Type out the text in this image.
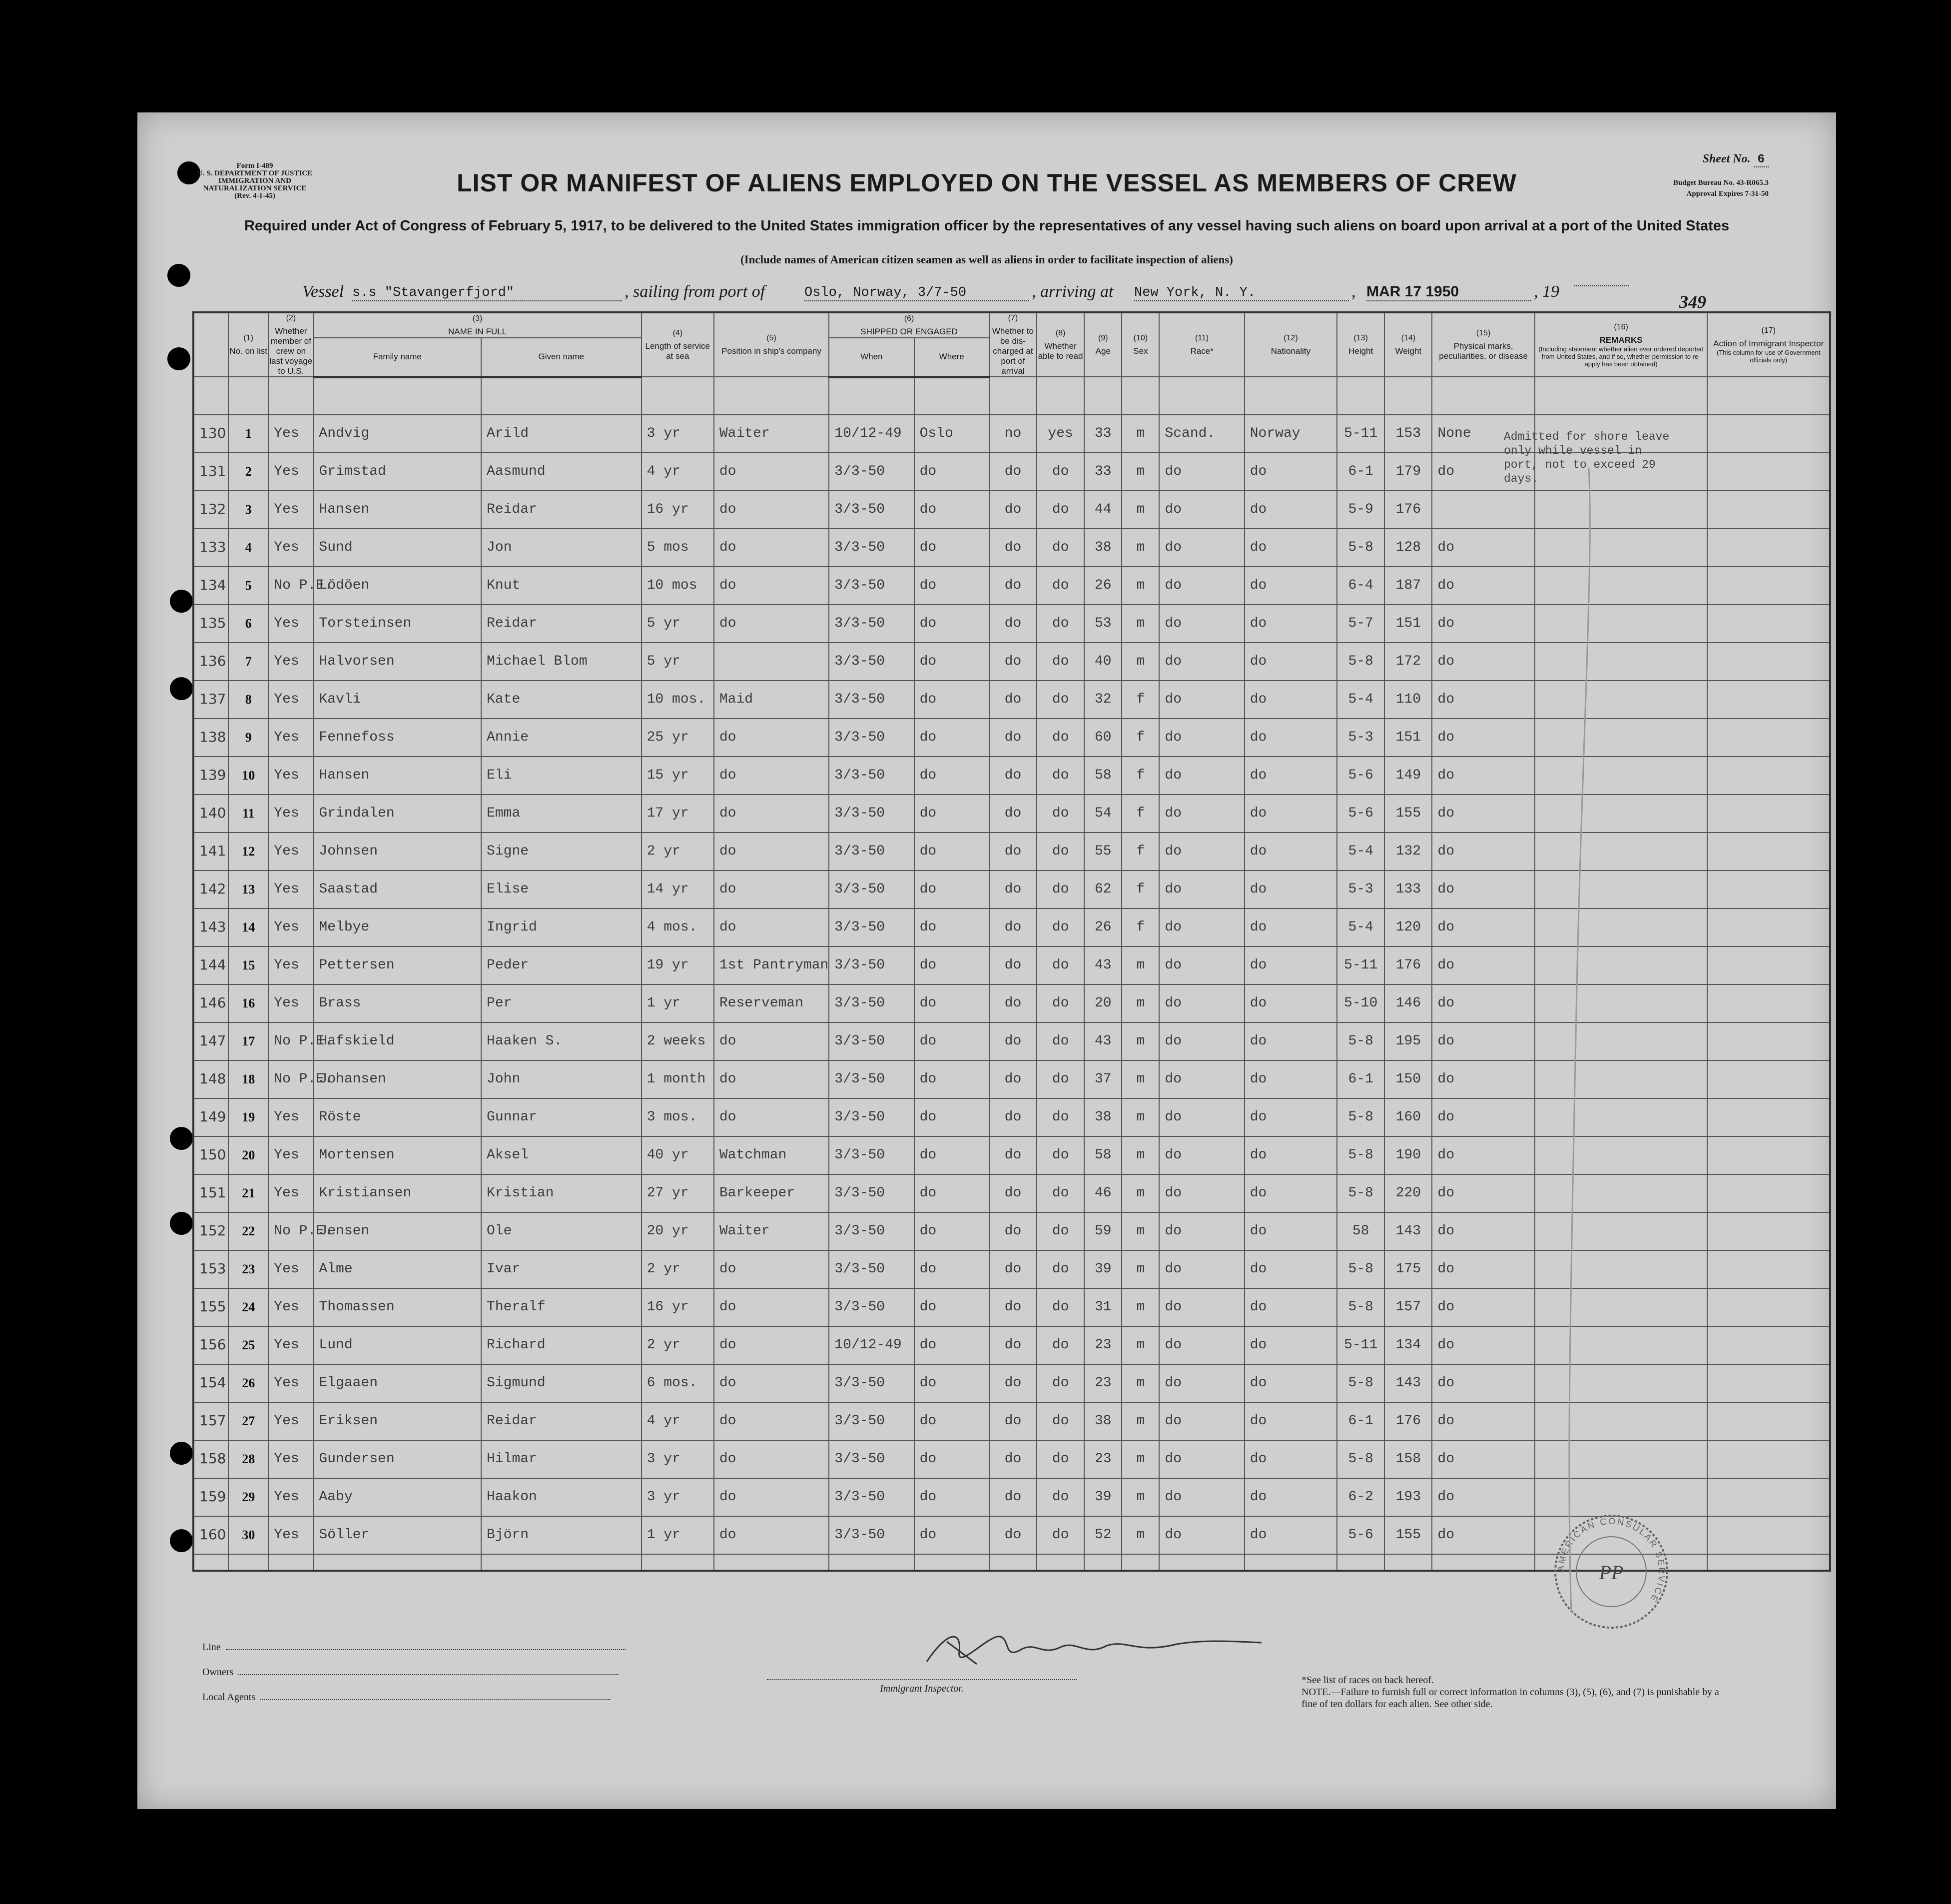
Form I-489
U. S. DEPARTMENT OF JUSTICE
IMMIGRATION AND NATURALIZATION SERVICE
(Rev. 4-1-45)
Sheet No. 6
Budget Bureau No. 43-R065.3
Approval Expires 7-31-50
LIST OR MANIFEST OF ALIENS EMPLOYED ON THE VESSEL AS MEMBERS OF CREW
Required under Act of Congress of February 5, 1917, to be delivered to the United States immigration officer by the representatives of any vessel having such aliens on board upon arrival at a port of the United States
(Include names of American citizen seamen as well as aliens in order to facilitate inspection of aliens)
Vessel s.s "Stavangerfjord"	, sailing from port of	Oslo, Norway, 3/7-50	, arriving at New York, N. Y.	, MAR 17 1950	, 19
349

	(1)
No. on list	(2)
Whether member of crew on last voyage to U.S.	(3)
NAME IN FULL		(4)
Length of service at sea	(5)
Position in ship's company	(6)
SHIPPED OR ENGAGED		(7)
Whether to be dis-charged at port of arrival	(8)
Whether able to read	(9)
Age	(10)
Sex	(11)
Race*	(12)
Nationality	(13)
Height	(14)
Weight	(15)
Physical marks, peculiarities, or disease	(16)
REMARKS
(Including statement whether alien ever ordered deported from United States, and if so, whether permission to re-apply has been obtained)	(17)
Action of Immigrant Inspector
(This column for use of Government officials only)

			Family name	Given name			When	Where											

130	1	Yes	Andvig	Arild	3 yr	Waiter	10/12-49	Oslo	no	yes	33	m	Scand.	Norway	5-11	153	None		
131	2	Yes	Grimstad	Aasmund	4 yr	do	3/3-50	do	do	do	33	m	do	do	6-1	179	do		
132	3	Yes	Hansen	Reidar	16 yr	do	3/3-50	do	do	do	44	m	do	do	5-9	176			
133	4	Yes	Sund	Jon	5 mos	do	3/3-50	do	do	do	38	m	do	do	5-8	128	do		
134	5	No P.E.	Lödöen	Knut	10 mos	do	3/3-50	do	do	do	26	m	do	do	6-4	187	do		
135	6	Yes	Torsteinsen	Reidar	5 yr	do	3/3-50	do	do	do	53	m	do	do	5-7	151	do		
136	7	Yes	Halvorsen	Michael Blom	5 yr		3/3-50	do	do	do	40	m	do	do	5-8	172	do		
137	8	Yes	Kavli	Kate	10 mos.	Maid	3/3-50	do	do	do	32	f	do	do	5-4	110	do		
138	9	Yes	Fennefoss	Annie	25 yr	do	3/3-50	do	do	do	60	f	do	do	5-3	151	do		
139	10	Yes	Hansen	Eli	15 yr	do	3/3-50	do	do	do	58	f	do	do	5-6	149	do		
140	11	Yes	Grindalen	Emma	17 yr	do	3/3-50	do	do	do	54	f	do	do	5-6	155	do		
141	12	Yes	Johnsen	Signe	2 yr	do	3/3-50	do	do	do	55	f	do	do	5-4	132	do		
142	13	Yes	Saastad	Elise	14 yr	do	3/3-50	do	do	do	62	f	do	do	5-3	133	do		
143	14	Yes	Melbye	Ingrid	4 mos.	do	3/3-50	do	do	do	26	f	do	do	5-4	120	do		
144	15	Yes	Pettersen	Peder	19 yr	1st Pantryman	3/3-50	do	do	do	43	m	do	do	5-11	176	do		
146	16	Yes	Brass	Per	1 yr	Reserveman	3/3-50	do	do	do	20	m	do	do	5-10	146	do		
147	17	No P.E.	Hafskield	Haaken S.	2 weeks	do	3/3-50	do	do	do	43	m	do	do	5-8	195	do		
148	18	No P.E.	Johansen	John	1 month	do	3/3-50	do	do	do	37	m	do	do	6-1	150	do		
149	19	Yes	Röste	Gunnar	3 mos.	do	3/3-50	do	do	do	38	m	do	do	5-8	160	do		
150	20	Yes	Mortensen	Aksel	40 yr	Watchman	3/3-50	do	do	do	58	m	do	do	5-8	190	do		
151	21	Yes	Kristiansen	Kristian	27 yr	Barkeeper	3/3-50	do	do	do	46	m	do	do	5-8	220	do		
152	22	No P.E.	Jensen	Ole	20 yr	Waiter	3/3-50	do	do	do	59	m	do	do	58	143	do		
153	23	Yes	Alme	Ivar	2 yr	do	3/3-50	do	do	do	39	m	do	do	5-8	175	do		
155	24	Yes	Thomassen	Theralf	16 yr	do	3/3-50	do	do	do	31	m	do	do	5-8	157	do		
156	25	Yes	Lund	Richard	2 yr	do	10/12-49	do	do	do	23	m	do	do	5-11	134	do		
154	26	Yes	Elgaaen	Sigmund	6 mos.	do	3/3-50	do	do	do	23	m	do	do	5-8	143	do		
157	27	Yes	Eriksen	Reidar	4 yr	do	3/3-50	do	do	do	38	m	do	do	6-1	176	do		
158	28	Yes	Gundersen	Hilmar	3 yr	do	3/3-50	do	do	do	23	m	do	do	5-8	158	do		
159	29	Yes	Aaby	Haakon	3 yr	do	3/3-50	do	do	do	39	m	do	do	6-2	193	do		
160	30	Yes	Söller	Björn	1 yr	do	3/3-50	do	do	do	52	m	do	do	5-6	155	do		

Admitted for shore leave only while vessel in port, not to exceed 29 days.
Line
Owners
Local Agents
Immigrant Inspector.
*See list of races on back hereof.
NOTE.—Failure to furnish full or correct information in columns (3), (5), (6), and (7) is punishable by a fine of ten dollars for each alien. See other side.
AMERICAN CONSULAR SERVICE
PP
